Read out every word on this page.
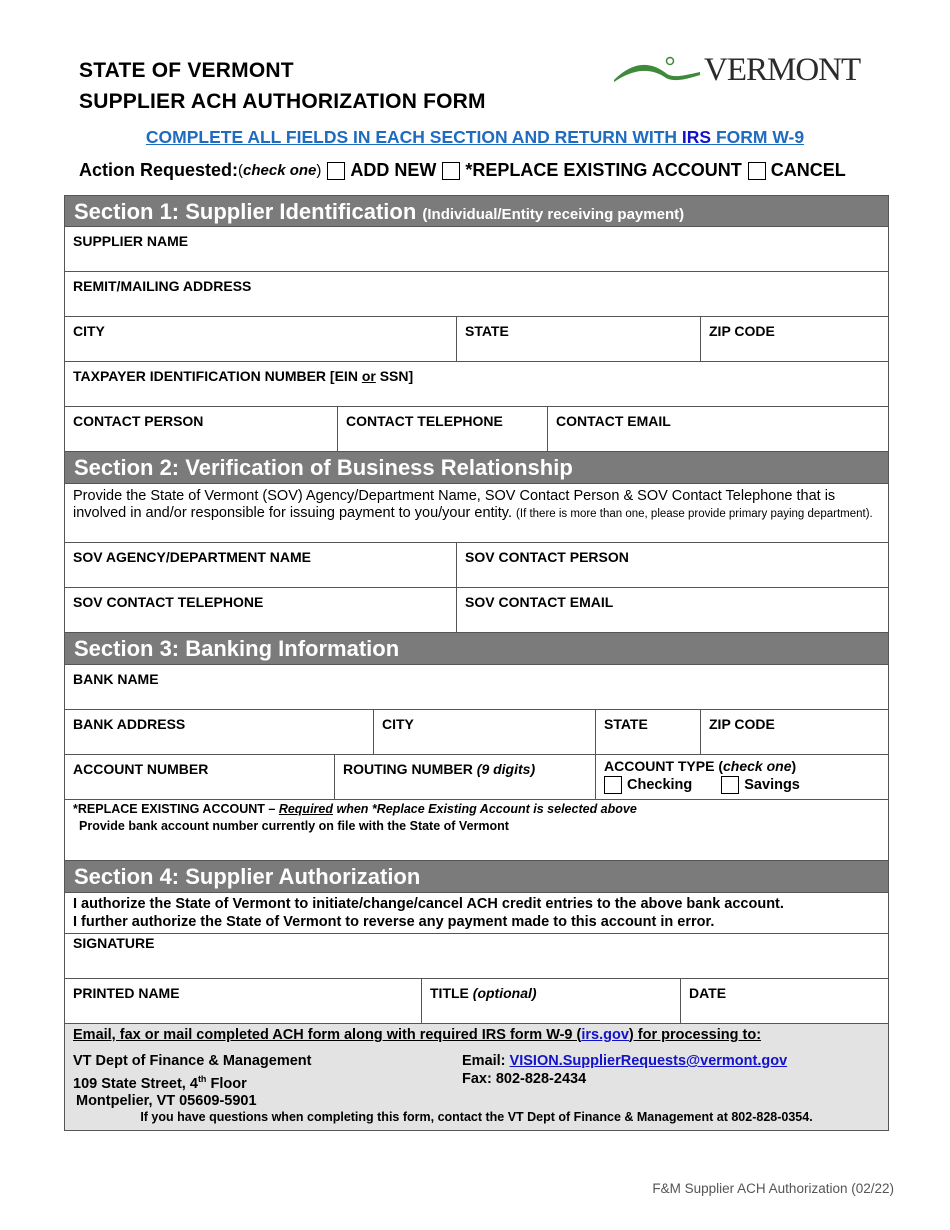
STATE OF VERMONT
SUPPLIER ACH AUTHORIZATION FORM
VERMONT
COMPLETE ALL FIELDS IN EACH SECTION AND RETURN WITH IRS FORM W-9
Action Requested: (check one) ADD NEW *REPLACE EXISTING ACCOUNT CANCEL
Section 1: Supplier Identification (Individual/Entity receiving payment)
SUPPLIER NAME
REMIT/MAILING ADDRESS
CITY	STATE	ZIP CODE
TAXPAYER IDENTIFICATION NUMBER [EIN or SSN]
CONTACT PERSON	CONTACT TELEPHONE	CONTACT EMAIL
Section 2: Verification of Business Relationship
Provide the State of Vermont (SOV) Agency/Department Name, SOV Contact Person & SOV Contact Telephone that is involved in and/or responsible for issuing payment to you/your entity. (If there is more than one, please provide primary paying department).
SOV AGENCY/DEPARTMENT NAME	SOV CONTACT PERSON
SOV CONTACT TELEPHONE	SOV CONTACT EMAIL
Section 3: Banking Information
BANK NAME
BANK ADDRESS	CITY	STATE	ZIP CODE
ACCOUNT NUMBER	ROUTING NUMBER (9 digits)	ACCOUNT TYPE (check one)
Checking	Savings
*REPLACE EXISTING ACCOUNT – Required when *Replace Existing Account is selected above
Provide bank account number currently on file with the State of Vermont
Section 4: Supplier Authorization
I authorize the State of Vermont to initiate/change/cancel ACH credit entries to the above bank account.
I further authorize the State of Vermont to reverse any payment made to this account in error.
SIGNATURE
PRINTED NAME	TITLE (optional)	DATE
Email, fax or mail completed ACH form along with required IRS form W-9 (irs.gov) for processing to:
VT Dept of Finance & Management
109 State Street, 4th Floor
Montpelier, VT 05609-5901
Email: VISION.SupplierRequests@vermont.gov
Fax: 802-828-2434
If you have questions when completing this form, contact the VT Dept of Finance & Management at 802-828-0354.
F&M Supplier ACH Authorization (02/22)
